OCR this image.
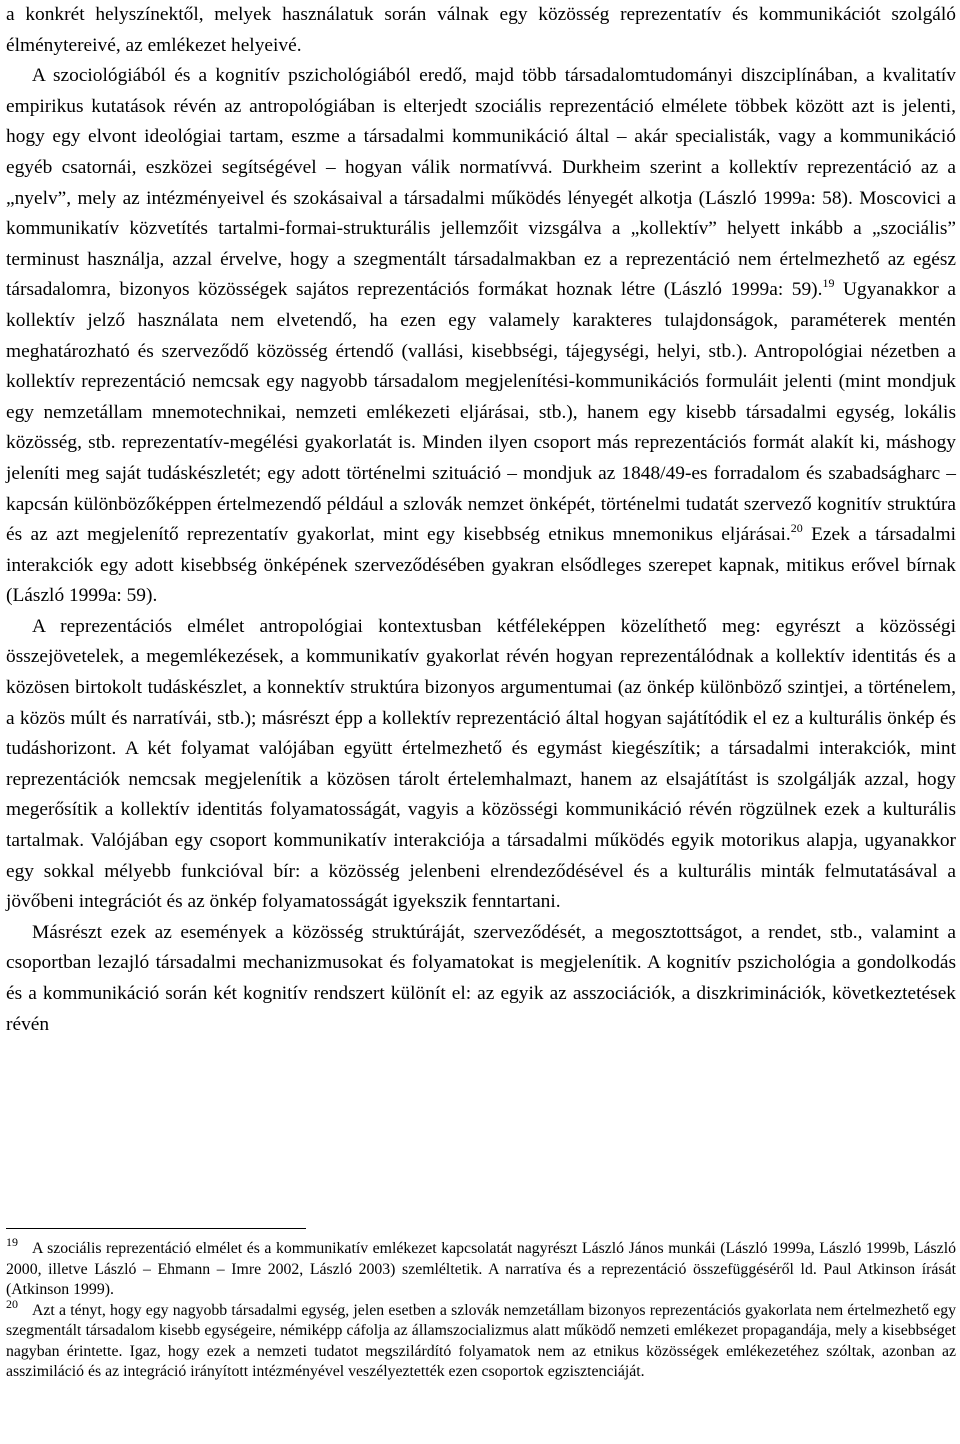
a konkrét helyszínektől, melyek használatuk során válnak egy közösség reprezentatív és kommunikációt szolgáló élménytereivé, az emlékezet helyeivé.
  A szociológiából és a kognitív pszichológiából eredő, majd több társadalomtudományi diszciplínában, a kvalitatív empirikus kutatások révén az antropológiában is elterjedt szociális reprezentáció elmélete többek között azt is jelenti, hogy egy elvont ideológiai tartam, eszme a társadalmi kommunikáció által – akár specialisták, vagy a kommunikáció egyéb csatornái, eszközei segítségével – hogyan válik normatívvá. Durkheim szerint a kollektív reprezentáció az a „nyelv”, mely az intézményeivel és szokásaival a társadalmi működés lényegét alkotja (László 1999a: 58). Moscovici a kommunikatív közvetítés tartalmi-formai-strukturális jellemzőit vizsgálva a „kollektív” helyett inkább a „szociális” terminust használja, azzal érvelve, hogy a szegmentált társadalmakban ez a reprezentáció nem értelmezhető az egész társadalomra, bizonyos közösségek sajátos reprezentációs formákat hoznak létre (László 1999a: 59).$^{19}$ Ugyanakkor a kollektív jelző használata nem elvetendő, ha ezen egy valamely karakteres tulajdonságok, paraméterek mentén meghatározható és szerveződő közösség értendő (vallási, kisebbségi, tájegységi, helyi, stb.). Antropológiai nézetben a kollektív reprezentáció nemcsak egy nagyobb társadalom megjelenítési-kommunikációs formuláit jelenti (mint mondjuk egy nemzetállam mnemotechnikai, nemzeti emlékezeti eljárásai, stb.), hanem egy kisebb társadalmi egység, lokális közösség, stb. reprezentatív-megélési gyakorlatát is. Minden ilyen csoport más reprezentációs formát alakít ki, máshogy jeleníti meg saját tudáskészletét; egy adott történelmi szituáció – mondjuk az 1848/49-es forradalom és szabadságharc – kapcsán különbözőképpen értelmezendő például a szlovák nemzet önképét, történelmi tudatát szervező kognitív struktúra és az azt megjelenítő reprezentatív gyakorlat, mint egy kisebbség etnikus mnemonikus eljárásai.$^{20}$ Ezek a társadalmi interakciók egy adott kisebbség önképének szerveződésében gyakran elsődleges szerepet kapnak, mitikus erővel bírnak (László 1999a: 59).

A reprezentációs elmélet antropológiai kontextusban kétféleképpen közelíthető meg: egyrészt a közösségi összejövetelek, a megemlékezések, a kommunikatív gyakorlat révén hogyan reprezentálódnak a kollektív identitás és a közösen birtokolt tudáskészlet, a konnektív struktúra bizonyos argumentumai (az önkép különböző szintjei, a történelem, a közös múlt és narratívái, stb.); másrészt épp a kollektív reprezentáció által hogyan sajátítódik el ez a kulturális önkép és tudáshorizont. A két folyamat valójában együtt értelmezhető és egymást kiegészítik; a társadalmi interakciók, mint reprezentációk nemcsak megjelenítik a közösen tárolt értelemhalmazt, hanem az elsajátítást is szolgálják azzal, hogy megerősítik a kollektív identitás folyamatosságát, vagyis a közösségi kommunikáció révén rögzülnek ezek a kulturális tartalmak. Valójában egy csoport kommunikatív interakciója a társadalmi működés egyik motorikus alapja, ugyanakkor egy sokkal mélyebb funkcióval bír: a közösség jelenbeni elrendeződésével és a kulturális minták felmutatásával a jövőbeni integrációt és az önkép folyamatosságát igyekszik fenntartani.

Másrészt ezek az események a közösség struktúráját, szerveződését, a megosztottságot, a rendet, stb., valamint a csoportban lezajló társadalmi mechanizmusokat és folyamatokat is megjelenítik. A kognitív pszichológia a gondolkodás és a kommunikáció során két kognitív rendszert különít el: az egyik az asszociációk, a diszkriminációk, következtetések révén

$^{19}$ A szociális reprezentáció elmélet és a kommunikatív emlékezet kapcsolatát nagyrészt László János munkái (László 1999a, László 1999b, László 2000, illetve László – Ehmann – Imre 2002, László 2003) szemléltetik. A narratíva és a reprezentáció összefüggéséről ld. Paul Atkinson írását (Atkinson 1999).

$^{20}$ Azt a tényt, hogy egy nagyobb társadalmi egység, jelen esetben a szlovák nemzetállam bizonyos reprezentációs gyakorlata nem értelmezhető egy szegmentált társadalom kisebb egységeire, némiképp cáfolja az államszocializmus alatt működő nemzeti emlékezet propagandája, mely a kisebbséget nagyban érintette. Igaz, hogy ezek a nemzeti tudatot megszilárdító folyamatok nem az etnikus közösségek emlékezetéhez szóltak, azonban az asszimiláció és az integráció irányított intézményével veszélyeztették ezen csoportok egzisztenciáját.
